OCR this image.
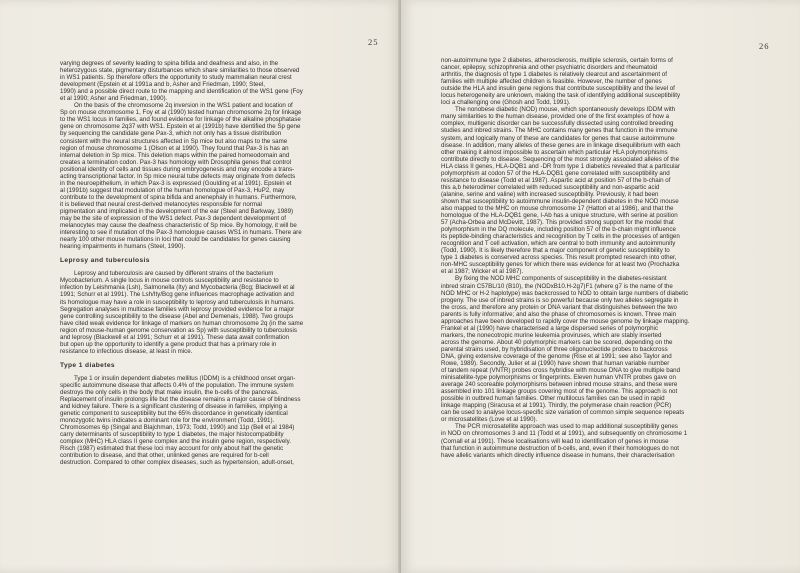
25
varying degrees of severity leading to spina bifida and deafness and also, in the
heterozygous state, pigmentary disturbances which share similarities to those observed
in WS1 patients. Sp therefore offers the opportunity to study mammalian neural crest
development (Epstein et al 1991a and b, Asher and Friedman, 1990; Steel,
1990) and a possible direct route to the mapping and identification of the WS1 gene (Foy
et al 1990; Asher and Friedman, 1990).
On the basis of the chromosome 2q inversion in the WS1 patient and location of
Sp on mouse chromosome 1, Foy et al (1990) tested human chromosome 2q for linkage
to the WS1 locus in families, and found evidence for linkage of the alkaline phosphatase
gene on chromosome 2q37 with WS1. Epstein et al (1991b) have identified the Sp gene
by sequencing the candidate gene Pax-3, which not only has a tissue distribution
consistent with the neural structures affected in Sp mice but also maps to the same
region of mouse chromosome 1 (Olson et al 1990). They found that Pax-3 is has an
internal deletion in Sp mice. This deletion maps within the paired homeodomain and
creates a termination codon. Pax-3 has homology with Drosophila genes that control
positional identity of cells and tissues during embryogenesis and may encode a trans-
acting transcriptional factor. In Sp mice neural tube defects may originate from defects
in the neuroepithelium, in which Pax-3 is expressed (Goulding et al 1991). Epstein et
al (1991b) suggest that modulation of the human homologue of Pax-3, HuP2, may
contribute to the development of spina bifida and anenephaly in humans. Furthermore,
it is believed that neural crest-derived melanocytes responsible for normal
pigmentation and implicated in the development of the ear (Steel and Barkway, 1989)
may be the site of expression of the WS1 defect. Pax-3 dependent development of
melanocytes may cause the deafness characteristic of Sp mice. By homology, it will be
interesting to see if mutation of the Pax-3 homologue causes WS1 in humans. There are
nearly 100 other mouse mutations in loci that could be candidates for genes causing
hearing impairments in humans (Steel, 1990).
Leprosy and tuberculosis
Leprosy and tuberculosis are caused by different strains of the bacterium
Mycobacterium. A single locus in mouse controls susceptibility and resistance to
infection by Leishmania (Lsh), Salmonella (Ity) and Mycobacteria (Bcg; Blackwell et al
1991; Schurr et al 1991). The Lsh/Ity/Bcg gene influences macrophage activation and
its homologue may have a role in susceptibility to leprosy and tuberculosis in humans.
Segregation analyses in multicase families with leprosy provided evidence for a major
gene controlling susceptibility to the disease (Abel and Demenais, 1988). Two groups
have cited weak evidence for linkage of markers on human chromosome 2q (in the same
region of mouse-human genome conservation as Sp) with susceptibility to tuberculosis
and leprosy (Blackwell et al 1991; Schurr et al 1991). These data await confirmation
but open up the opportunity to identify a gene product that has a primary role in
resistance to infectious disease, at least in mice.
Type 1 diabetes
Type 1 or insulin dependent diabetes mellitus (IDDM) is a childhood onset organ-
specific autoimmune disease that affects 0.4% of the population. The immune system
destroys the only cells in the body that make insulin, the b-cells of the pancreas.
Replacement of insulin prolongs life but the disease remains a major cause of blindness
and kidney failure. There is a significant clustering of disease in families, implying a
genetic component to susceptibility but the 65% discordance in genetically identical
monozygotic twins indicates a dominant role for the environment (Todd, 1991).
Chromosomes 6p (Singal and Blajchman, 1973; Todd, 1990) and 11p (Bell et al 1984)
carry determinants of susceptibility to type 1 diabetes, the major histocompatibility
complex (MHC) HLA class II gene complex and the insulin gene region, respectively.
Risch (1987) estimated that these loci may account for only about half the genetic
contribution to disease, and that other, unlinked genes are required for b-cell
destruction. Compared to other complex diseases, such as hypertension, adult-onset,
26
non-autoimmune type 2 diabetes, atherosclerosis, multiple sclerosis, certain forms of
cancer, epilepsy, schizophrenia and other psychiatric disorders and rheumatoid
arthritis, the diagnosis of type 1 diabetes is relatively clearcut and ascertainment of
families with multiple affected children is feasible. However, the number of genes
outside the HLA and insulin gene regions that contribute susceptibility and the level of
locus heterogeneity are unknown, making the task of identifying additional susceptibility
loci a challenging one (Ghosh and Todd, 1991).
The nonobese diabetic (NOD) mouse, which spontaneously develops IDDM with
many similarities to the human disease, provided one of the first examples of how a
complex, multigenic disorder can be successfully dissected using controlled breeding
studies and inbred strains. The MHC contains many genes that function in the immune
system, and logically many of these are candidates for genes that cause autoimmune
disease. In addition, many alleles of these genes are in linkage disequilibrium with each
other making it almost impossible to ascertain which particular HLA polymorphisms
contribute directly to disease. Sequencing of the most strongly associated alleles of the
HLA class II genes, HLA-DQB1 and -DR from type 1 diabetics revealed that a particular
polymorphism at codon 57 of the HLA-DQB1 gene correlated with susceptibility and
resistance to disease (Todd et al 1987). Aspartic acid at position 57 of the b-chain of
this a,b heterodimer correlated with reduced susceptibility and non-aspartic acid
(alanine, serine and valine) with increased susceptibility. Previously, it had been
shown that susceptibility to autoimmune insulin-dependent diabetes in the NOD mouse
also mapped to the MHC on mouse chromosome 17 (Hattori et al 1986), and that the
homologue of the HLA-DQB1 gene, I-Ab has a unique structure, with serine at position
57 (Acha-Orbea and McDevitt, 1987). This provided strong support for the model that
polymorphism in the DQ molecule, including position 57 of the b-chain might influence
its peptide-binding characteristics and recognition by T cells in the processes of antigen
recognition and T cell activation, which are central to both immunity and autoimmunity
(Todd, 1990). It is likely therefore that a major component of genetic susceptibility to
type 1 diabetes is conserved across species. This result prompted research into other,
non-MHC susceptibility genes for which there was evidence for at least two (Prochazka
et al 1987; Wicker et al 1987).
By fixing the NOD MHC components of susceptibility in the diabetes-resistant
inbred strain C57BL/10 (B10), the (NODxB10.H-2g7)F1 (where g7 is the name of the
NOD MHC or H-2 haplotype) was backcrossed to NOD to obtain large numbers of diabetic
progeny. The use of inbred strains is so powerful because only two alleles segregate in
the cross, and therefore any protein or DNA variant that distinguishes between the two
parents is fully informative; and also the phase of chromosomes is known. Three main
approaches have been developed to rapidly cover the mouse genome by linkage mapping.
Frankel et al (1990) have characterised a large dispersed series of polymorphic
markers, the nonecotropic murine leukemia proviruses, which are stably inserted
across the genome. About 40 polymorphic markers can be scored, depending on the
parental strains used, by hybridisation of three oligonucleotide probes to backcross
DNA, giving extensive coverage of the genome (Rise et al 1991; see also Taylor and
Rowe, 1989). Secondly, Julier et al (1990) have shown that human variable number
of tandem repeat (VNTR) probes cross hybridise with mouse DNA to give multiple band
minisatellite-type polymorphisms or fingerprints. Eleven human VNTR probes gave on
average 240 scoreable polymorphisms between inbred mouse strains, and these were
assembled into 101 linkage groups covering most of the genome. This approach is not
possible in outbred human families. Other multilocus families can be used in rapid
linkage mapping (Siracusa et al 1991). Thirdly, the polymerase chain reaction (PCR)
can be used to analyse locus-specific size variation of common simple sequence repeats
or microsatellites (Love et al 1990).
The PCR microsatellite approach was used to map additional susceptibility genes
in NOD on chromosomes 3 and 11 (Todd et al 1991), and subsequently on chromosome 1
(Cornall et al 1991). These localisations will lead to identification of genes in mouse
that function in autoimmune destruction of b-cells, and, even if their homologues do not
have allelic variants which directly influence disease in humans, their characterisation
